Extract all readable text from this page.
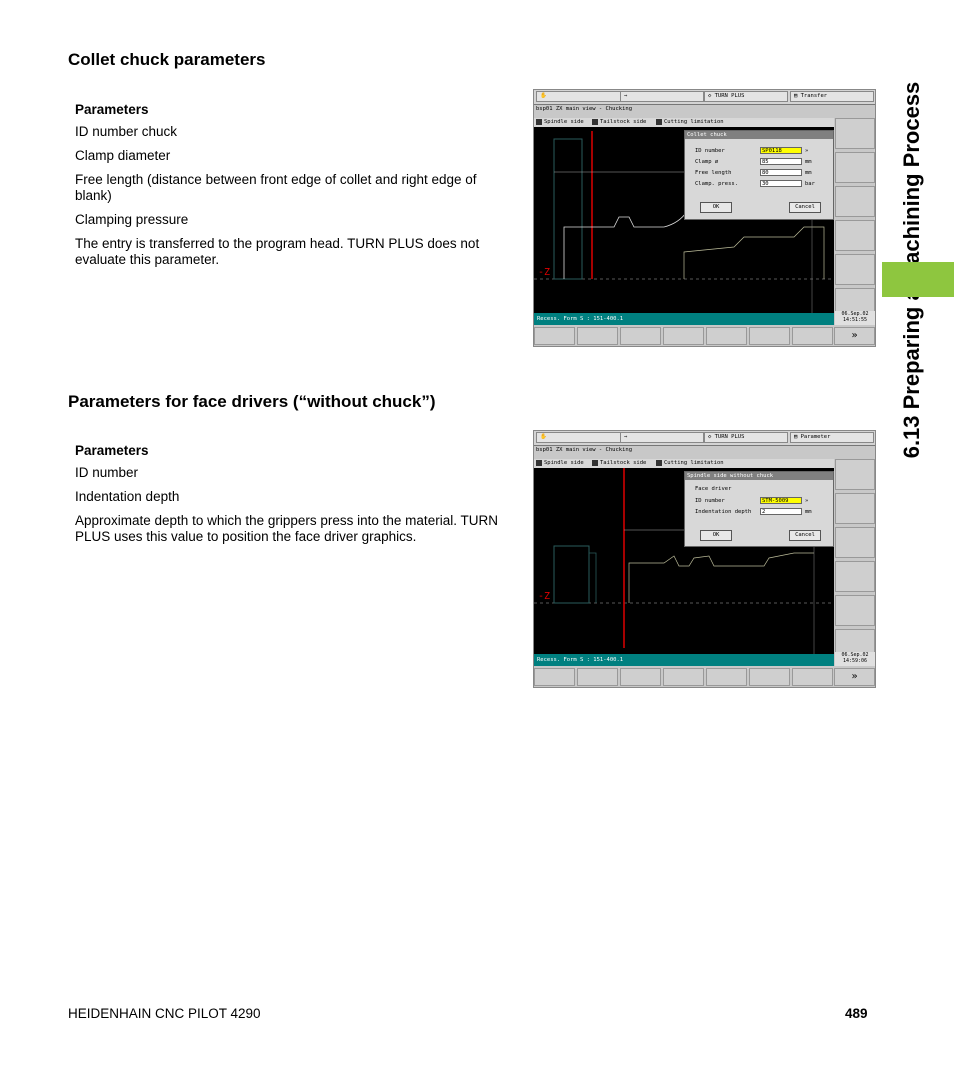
Collet chuck parameters
Parameters

ID number chuck

Clamp diameter

Free length (distance between front edge of collet and right edge of blank)

Clamping pressure

The entry is transferred to the program head. TURN PLUS does not evaluate this parameter.

✋	⇒	◇ TURN PLUS	▤ Transfer
bsp01 ZX main view - Chucking
Spindle side	Tailstock side	Cutting limitation
-Z
Collet chuck
ID number	SP0118	»
Clamp ø	85	mm
Free length	80	mm
Clamp. press.	30	bar
OK	Cancel
Recess. Form S : 151-400.1
06.Sep.02
14:51:55
»
Parameters for face drivers (“without chuck”)
Parameters

ID number

Indentation depth

Approximate depth to which the grippers press into the material. TURN PLUS uses this value to position the face driver graphics.

✋	⇒	◇ TURN PLUS	▤ Parameter
bsp01 ZX main view - Chucking
Spindle side	Tailstock side	Cutting limitation
-Z
Spindle side without chuck
Face driver
ID number	STM-5009	»
Indentation depth	2	mm
OK	Cancel
Recess. Form S : 151-400.1
06.Sep.02
14:59:06
»
HEIDENHAIN CNC PILOT 4290	489
